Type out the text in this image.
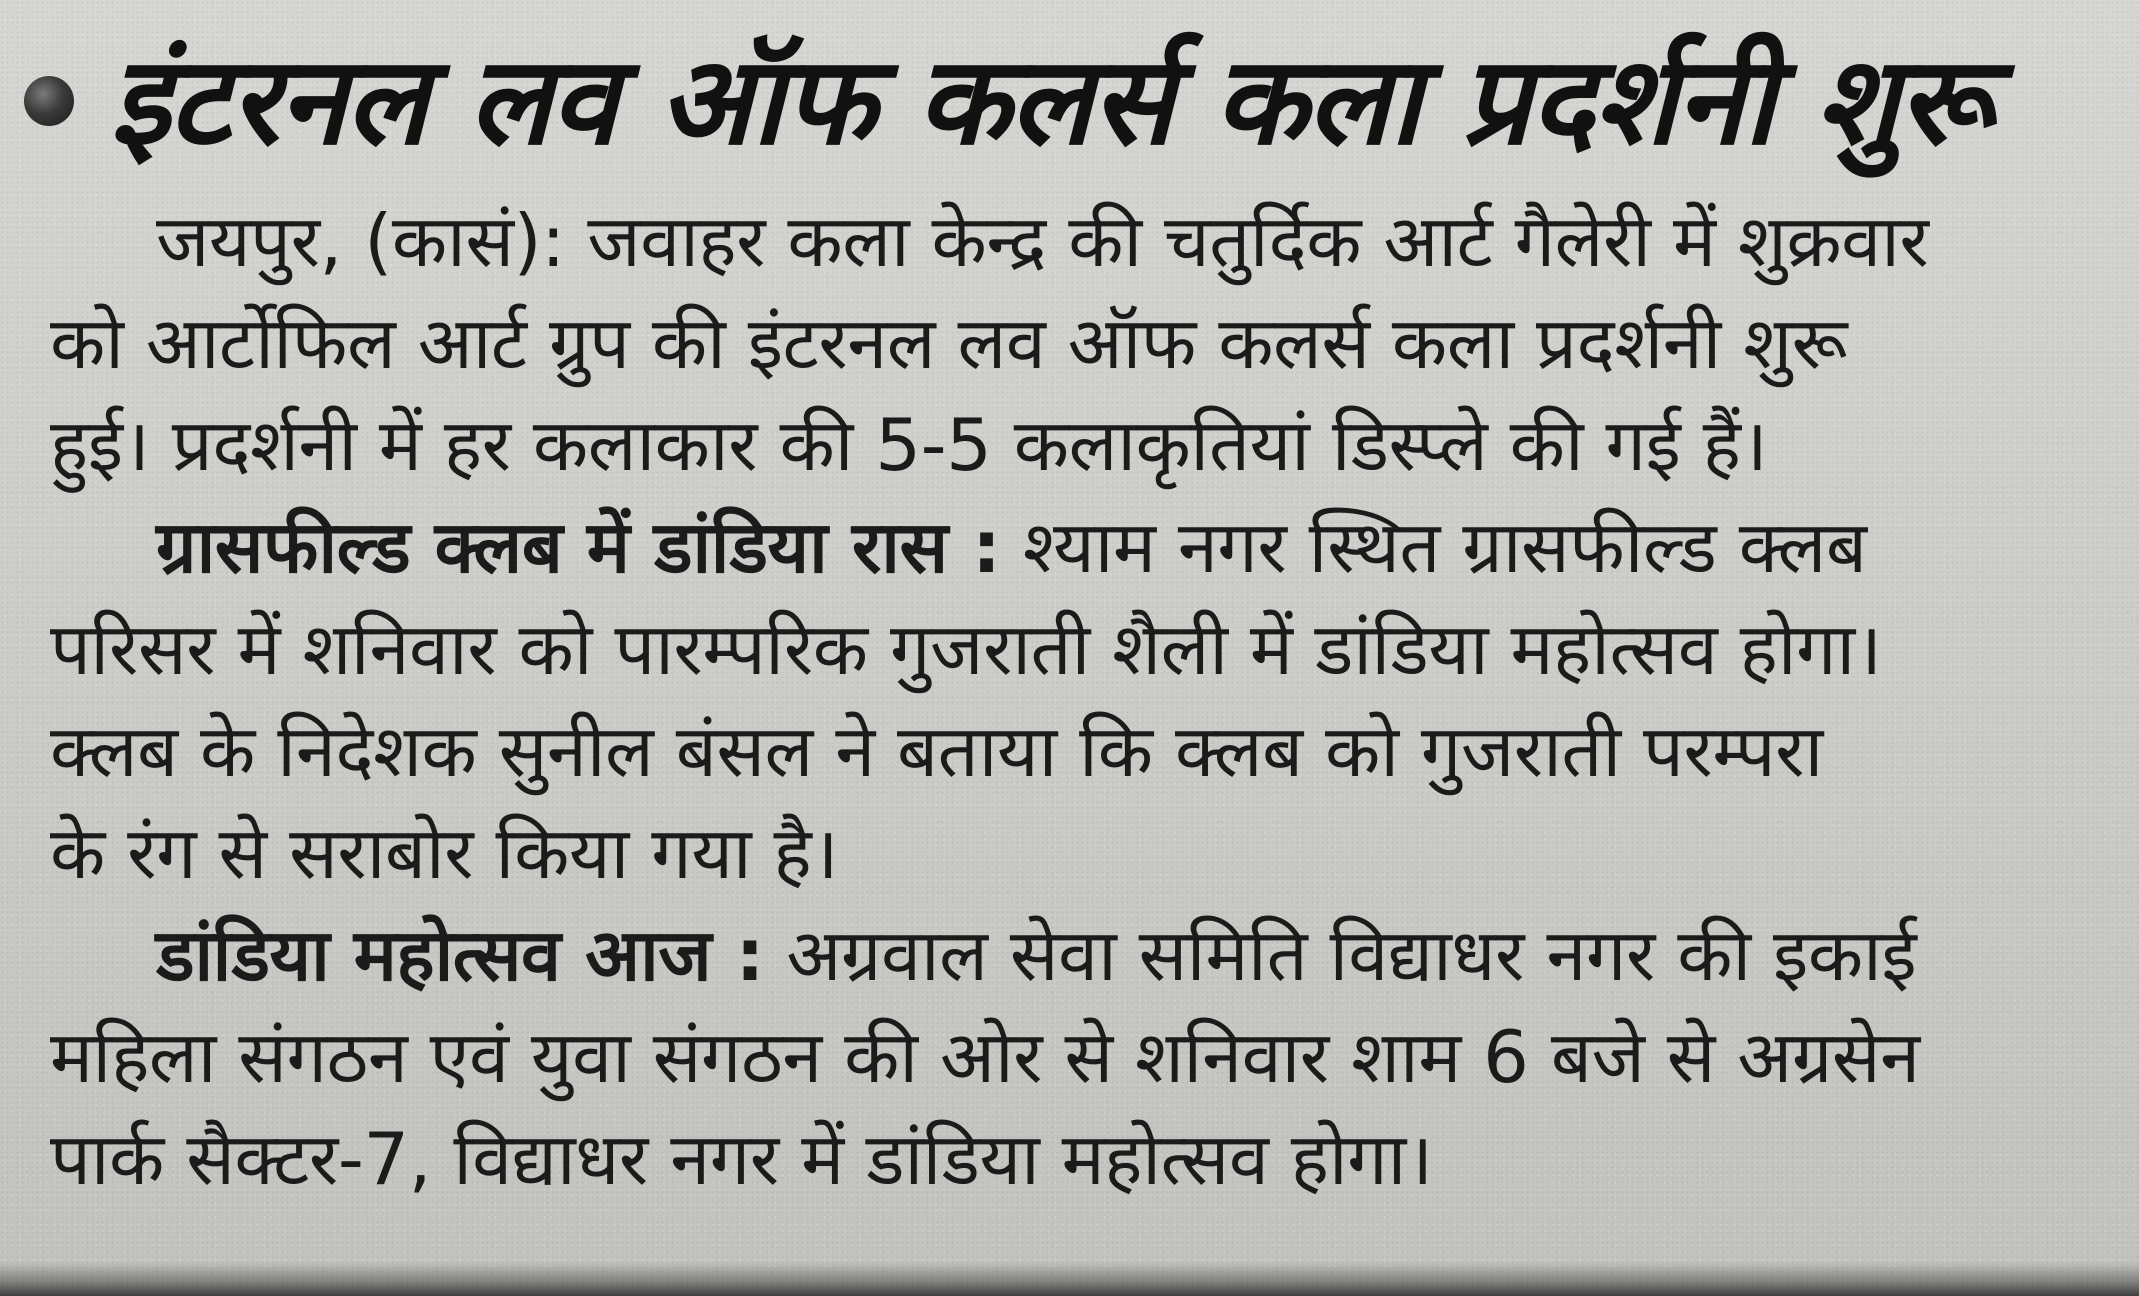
इंटरनल लव ऑफ कलर्स कला प्रदर्शनी शुरू
जयपुर, (कासं): जवाहर कला केन्द्र की चतुर्दिक आर्ट गैलेरी में शुक्रवार
को आर्टोफिल आर्ट ग्रुप की इंटरनल लव ऑफ कलर्स कला प्रदर्शनी शुरू
हुई। प्रदर्शनी में हर कलाकार की 5-5 कलाकृतियां डिस्प्ले की गई हैं।
ग्रासफील्ड क्लब में डांडिया रास : श्याम नगर स्थित ग्रासफील्ड क्लब
परिसर में शनिवार को पारम्परिक गुजराती शैली में डांडिया महोत्सव होगा।
क्लब के निदेशक सुनील बंसल ने बताया कि क्लब को गुजराती परम्परा
के रंग से सराबोर किया गया है।
डांडिया महोत्सव आज : अग्रवाल सेवा समिति विद्याधर नगर की इकाई
महिला संगठन एवं युवा संगठन की ओर से शनिवार शाम 6 बजे से अग्रसेन
पार्क सैक्टर-7, विद्याधर नगर में डांडिया महोत्सव होगा।
